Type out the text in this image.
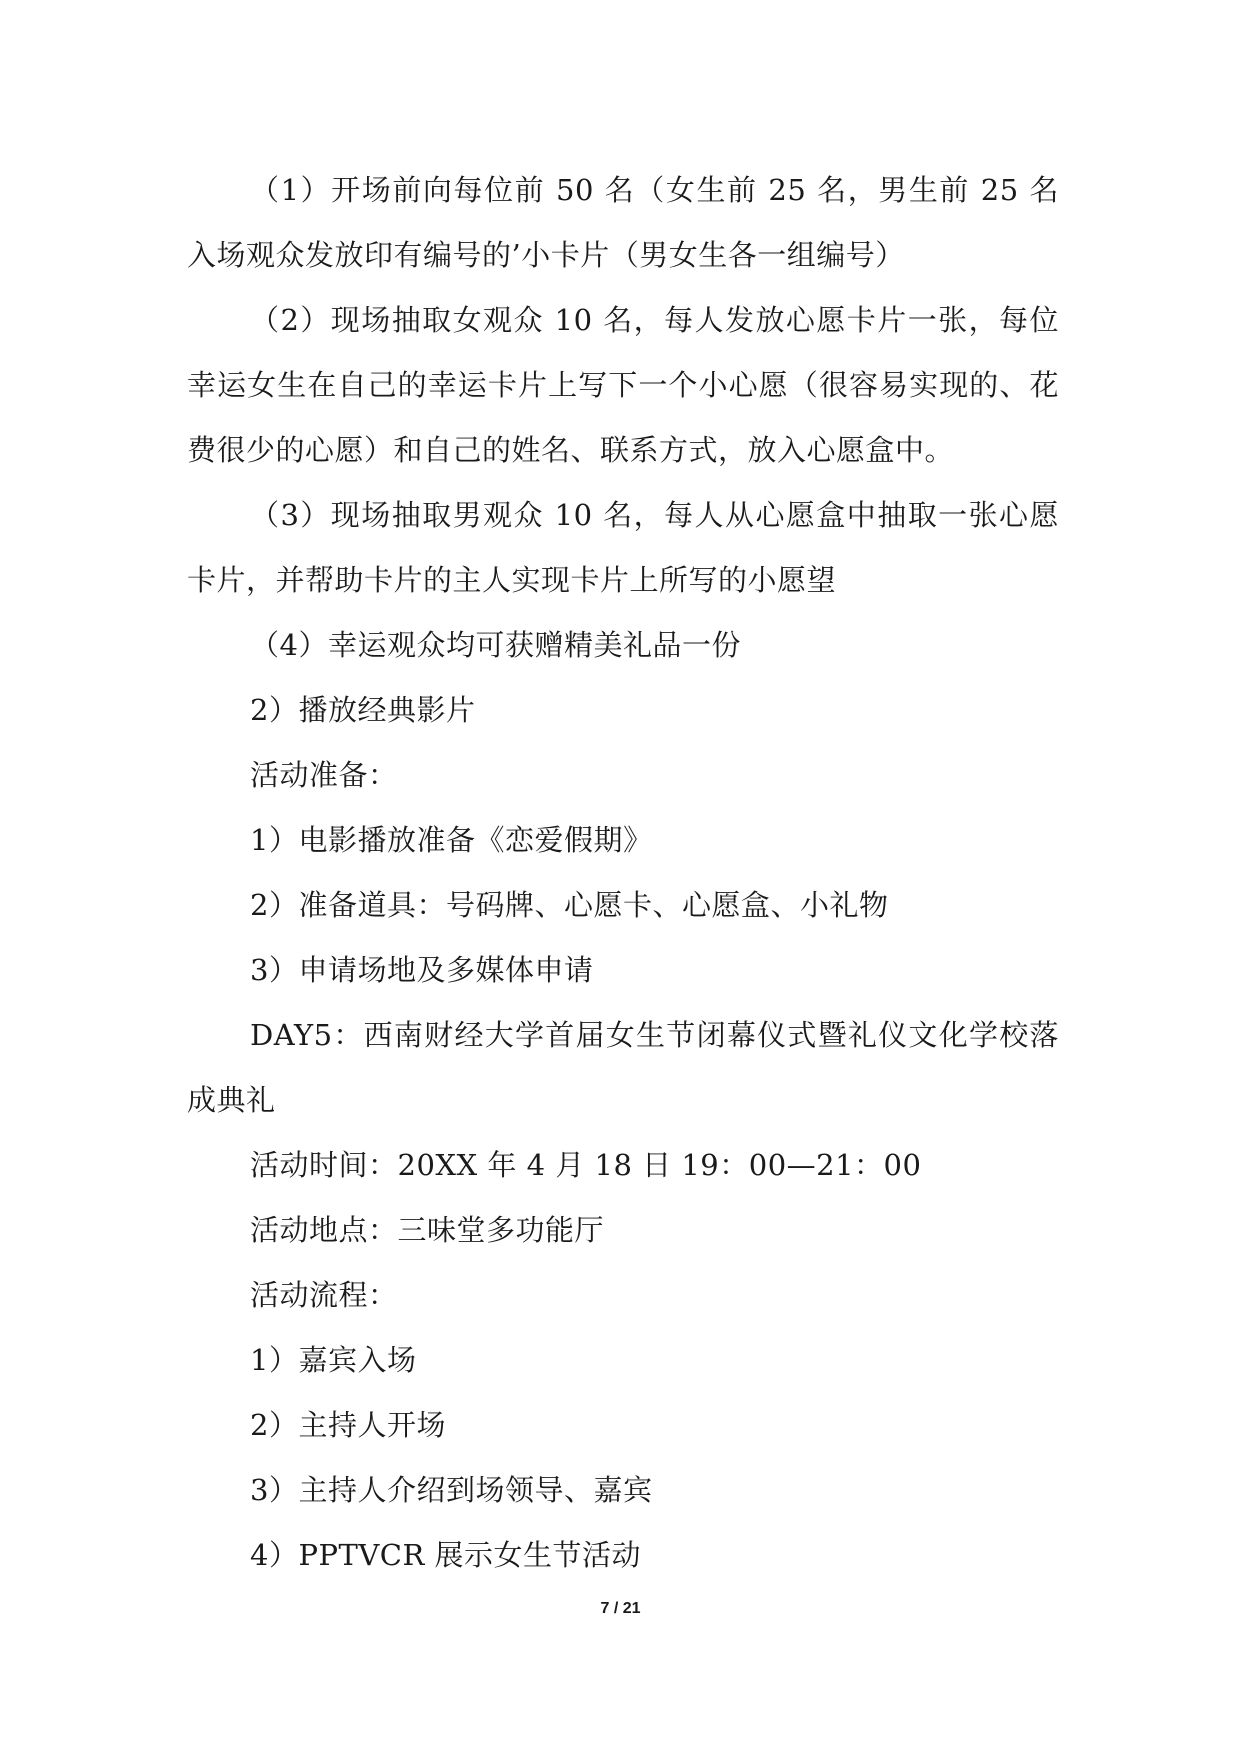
（1）开场前向每位前 50 名（女生前 25 名，男生前 25 名入场观众发放印有编号的’小卡片（男女生各一组编号）

（2）现场抽取女观众 10 名，每人发放心愿卡片一张，每位幸运女生在自己的幸运卡片上写下一个小心愿（很容易实现的、花费很少的心愿）和自己的姓名、联系方式，放入心愿盒中。

（3）现场抽取男观众 10 名，每人从心愿盒中抽取一张心愿卡片，并帮助卡片的主人实现卡片上所写的小愿望

（4）幸运观众均可获赠精美礼品一份

2）播放经典影片

活动准备：

1）电影播放准备《恋爱假期》

2）准备道具：号码牌、心愿卡、心愿盒、小礼物

3）申请场地及多媒体申请

DAY5：西南财经大学首届女生节闭幕仪式暨礼仪文化学校落成典礼

活动时间：20XX 年 4 月 18 日 19：00—21：00

活动地点：三味堂多功能厅

活动流程：

1）嘉宾入场

2）主持人开场

3）主持人介绍到场领导、嘉宾

4）PPTVCR 展示女生节活动

7 / 21
